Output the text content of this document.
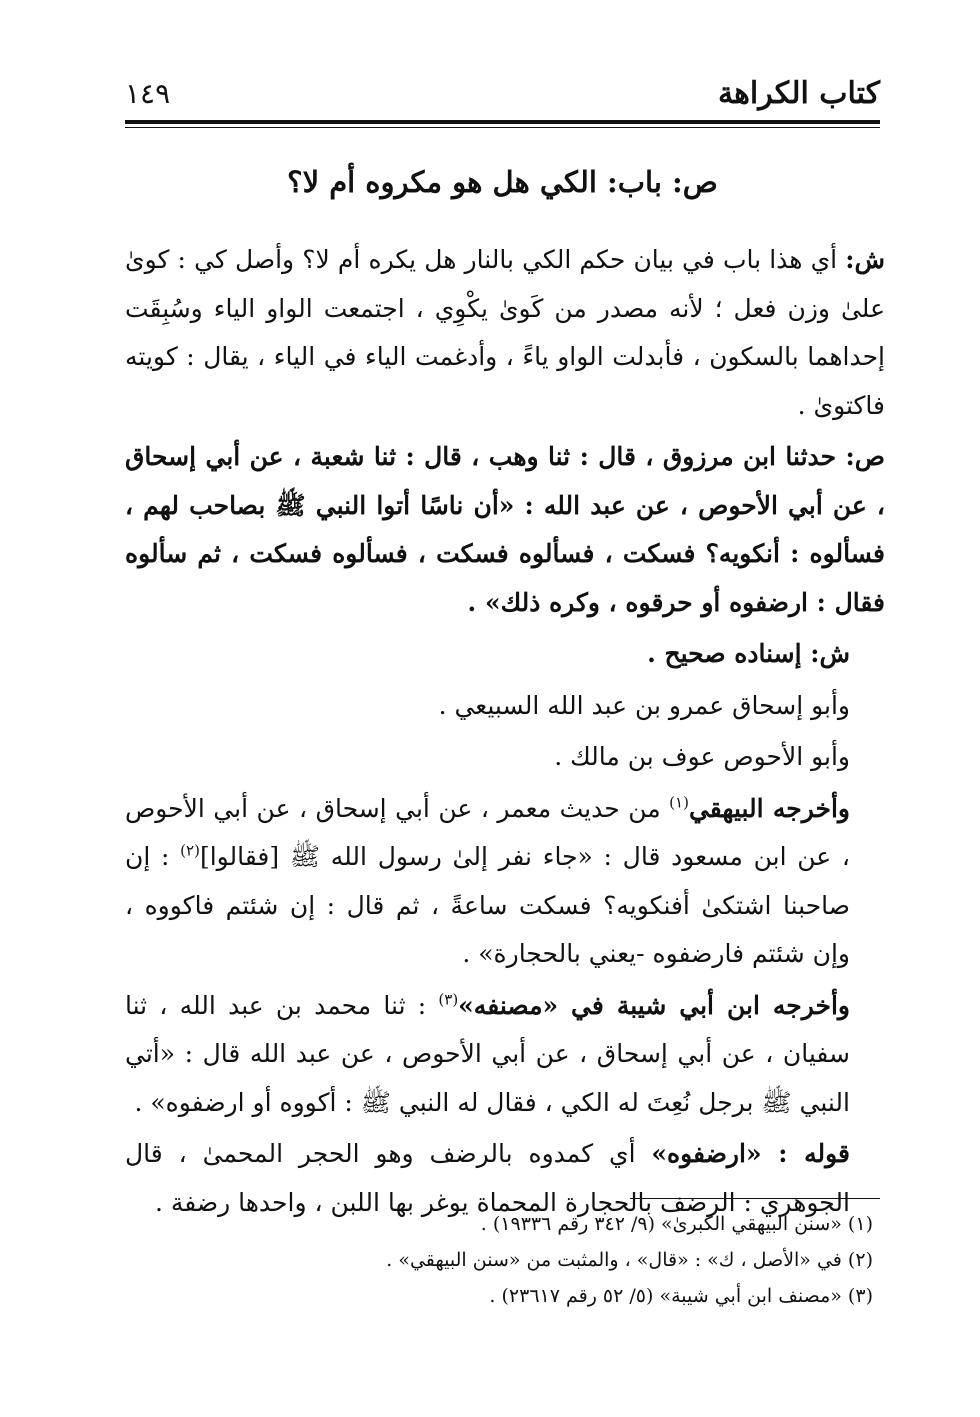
كتاب الكراهة
١٤٩
ص: باب: الكي هل هو مكروه أم لا؟

ش: أي هذا باب في بيان حكم الكي بالنار هل يكره أم لا؟ وأصل كي : كوىٰ علىٰ وزن فعل ؛ لأنه مصدر من كَوىٰ يكْوِي ، اجتمعت الواو الياء وسُبِقَت إحداهما بالسكون ، فأبدلت الواو ياءً ، وأدغمت الياء في الياء ، يقال : كويته فاكتوىٰ .

ص: حدثنا ابن مرزوق ، قال : ثنا وهب ، قال : ثنا شعبة ، عن أبي إسحاق ، عن أبي الأحوص ، عن عبد الله : «أن ناسًا أتوا النبي ﷺ بصاحب لهم ، فسألوه : أنكويه؟ فسكت ، فسألوه فسكت ، فسألوه فسكت ، ثم سألوه فقال : ارضفوه أو حرقوه ، وكره ذلك» .

ش: إسناده صحيح .

وأبو إسحاق عمرو بن عبد الله السبيعي .

وأبو الأحوص عوف بن مالك .

وأخرجه البيهقي$^{(١)}$ من حديث معمر ، عن أبي إسحاق ، عن أبي الأحوص ، عن ابن مسعود قال : «جاء نفر إلىٰ رسول الله ﷺ [فقالوا]$^{(٢)}$ : إن صاحبنا اشتكىٰ أفنكويه؟ فسكت ساعةً ، ثم قال : إن شئتم فاكووه ، وإن شئتم فارضفوه -يعني بالحجارة» .

وأخرجه ابن أبي شيبة في «مصنفه»$^{(٣)}$ : ثنا محمد بن عبد الله ، ثنا سفيان ، عن أبي إسحاق ، عن أبي الأحوص ، عن عبد الله قال : «أتي النبي ﷺ برجل نُعِتَ له الكي ، فقال له النبي ﷺ : أكووه أو ارضفوه» .

قوله : «ارضفوه» أي كمدوه بالرضف وهو الحجر المحمىٰ ، قال الجوهري : الرضف بالحجارة المحماة يوغر بها اللبن ، واحدها رضفة .

(١) «سنن البيهقي الكبرىٰ» (٩/ ٣٤٢ رقم ١٩٣٣٦) .

(٢) في «الأصل ، ك» : «قال» ، والمثبت من «سنن البيهقي» .

(٣) «مصنف ابن أبي شيبة» (٥/ ٥٢ رقم ٢٣٦١٧) .
